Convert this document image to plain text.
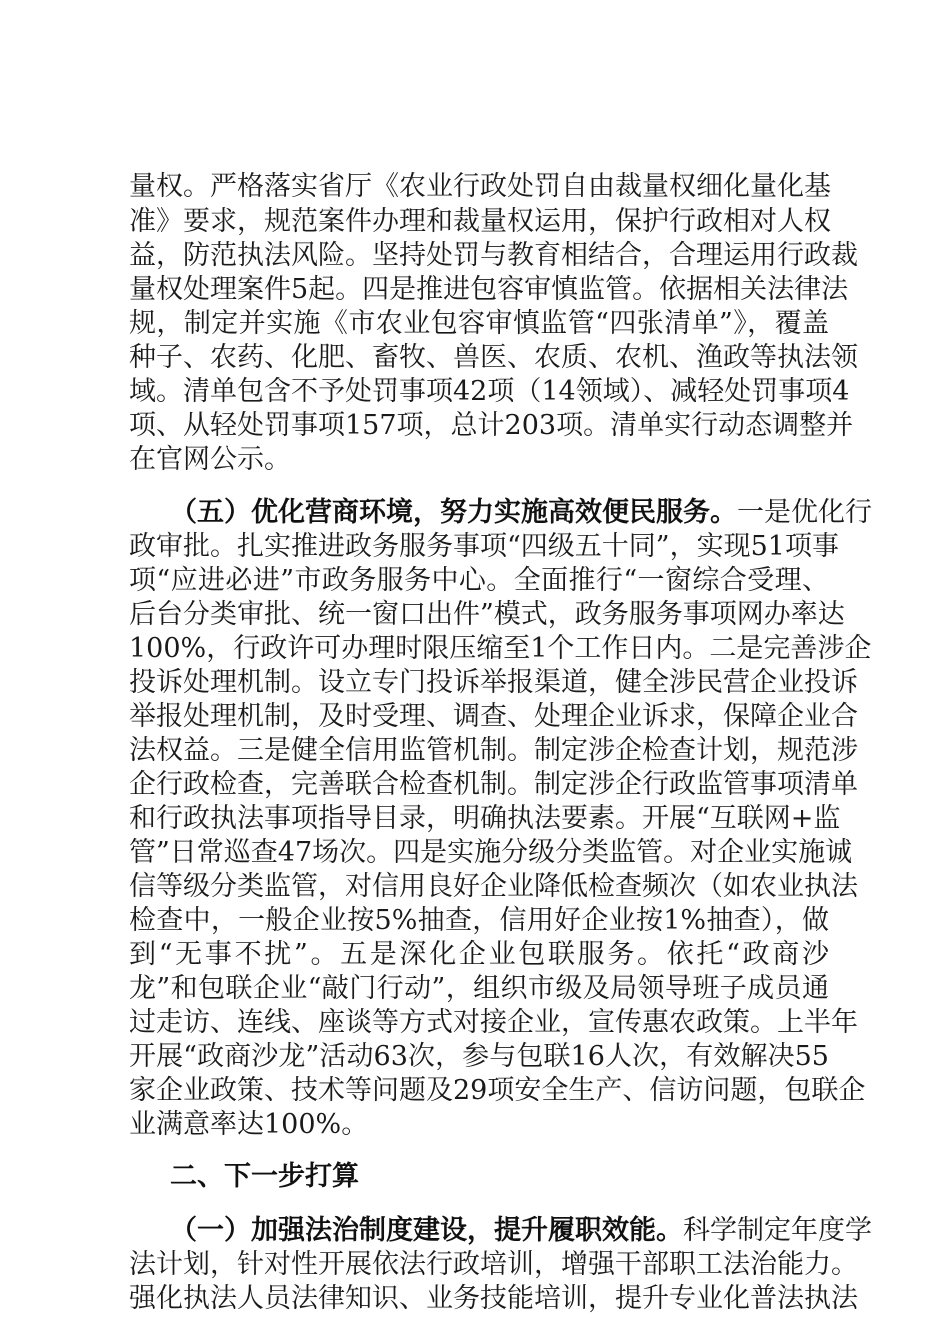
量权。严格落实省厅《农业行政处罚自由裁量权细化量化基
准》要求，规范案件办理和裁量权运用，保护行政相对人权
益，防范执法风险。坚持处罚与教育相结合，合理运用行政裁
量权处理案件5起。四是推进包容审慎监管。依据相关法律法
规，制定并实施《市农业包容审慎监管“四张清单”》，覆盖
种子、农药、化肥、畜牧、兽医、农质、农机、渔政等执法领
域。清单包含不予处罚事项42项（14领域）、减轻处罚事项4
项、从轻处罚事项157项，总计203项。清单实行动态调整并
在官网公示。
（五）优化营商环境，努力实施高效便民服务。一是优化行
政审批。扎实推进政务服务事项“四级五十同”，实现51项事
项“应进必进”市政务服务中心。全面推行“一窗综合受理、
后台分类审批、统一窗口出件”模式，政务服务事项网办率达
100%，行政许可办理时限压缩至1个工作日内。二是完善涉企
投诉处理机制。设立专门投诉举报渠道，健全涉民营企业投诉
举报处理机制，及时受理、调查、处理企业诉求，保障企业合
法权益。三是健全信用监管机制。制定涉企检查计划，规范涉
企行政检查，完善联合检查机制。制定涉企行政监管事项清单
和行政执法事项指导目录，明确执法要素。开展“互联网+监
管”日常巡查47场次。四是实施分级分类监管。对企业实施诚
信等级分类监管，对信用良好企业降低检查频次（如农业执法
检查中，一般企业按5%抽查，信用好企业按1%抽查），做
到“无事不扰”。五是深化企业包联服务。依托“政商沙
龙”和包联企业“敲门行动”，组织市级及局领导班子成员通
过走访、连线、座谈等方式对接企业，宣传惠农政策。上半年
开展“政商沙龙”活动63次，参与包联16人次，有效解决55
家企业政策、技术等问题及29项安全生产、信访问题，包联企
业满意率达100%。
二、下一步打算
（一）加强法治制度建设，提升履职效能。科学制定年度学
法计划，针对性开展依法行政培训，增强干部职工法治能力。
强化执法人员法律知识、业务技能培训，提升专业化普法执法
